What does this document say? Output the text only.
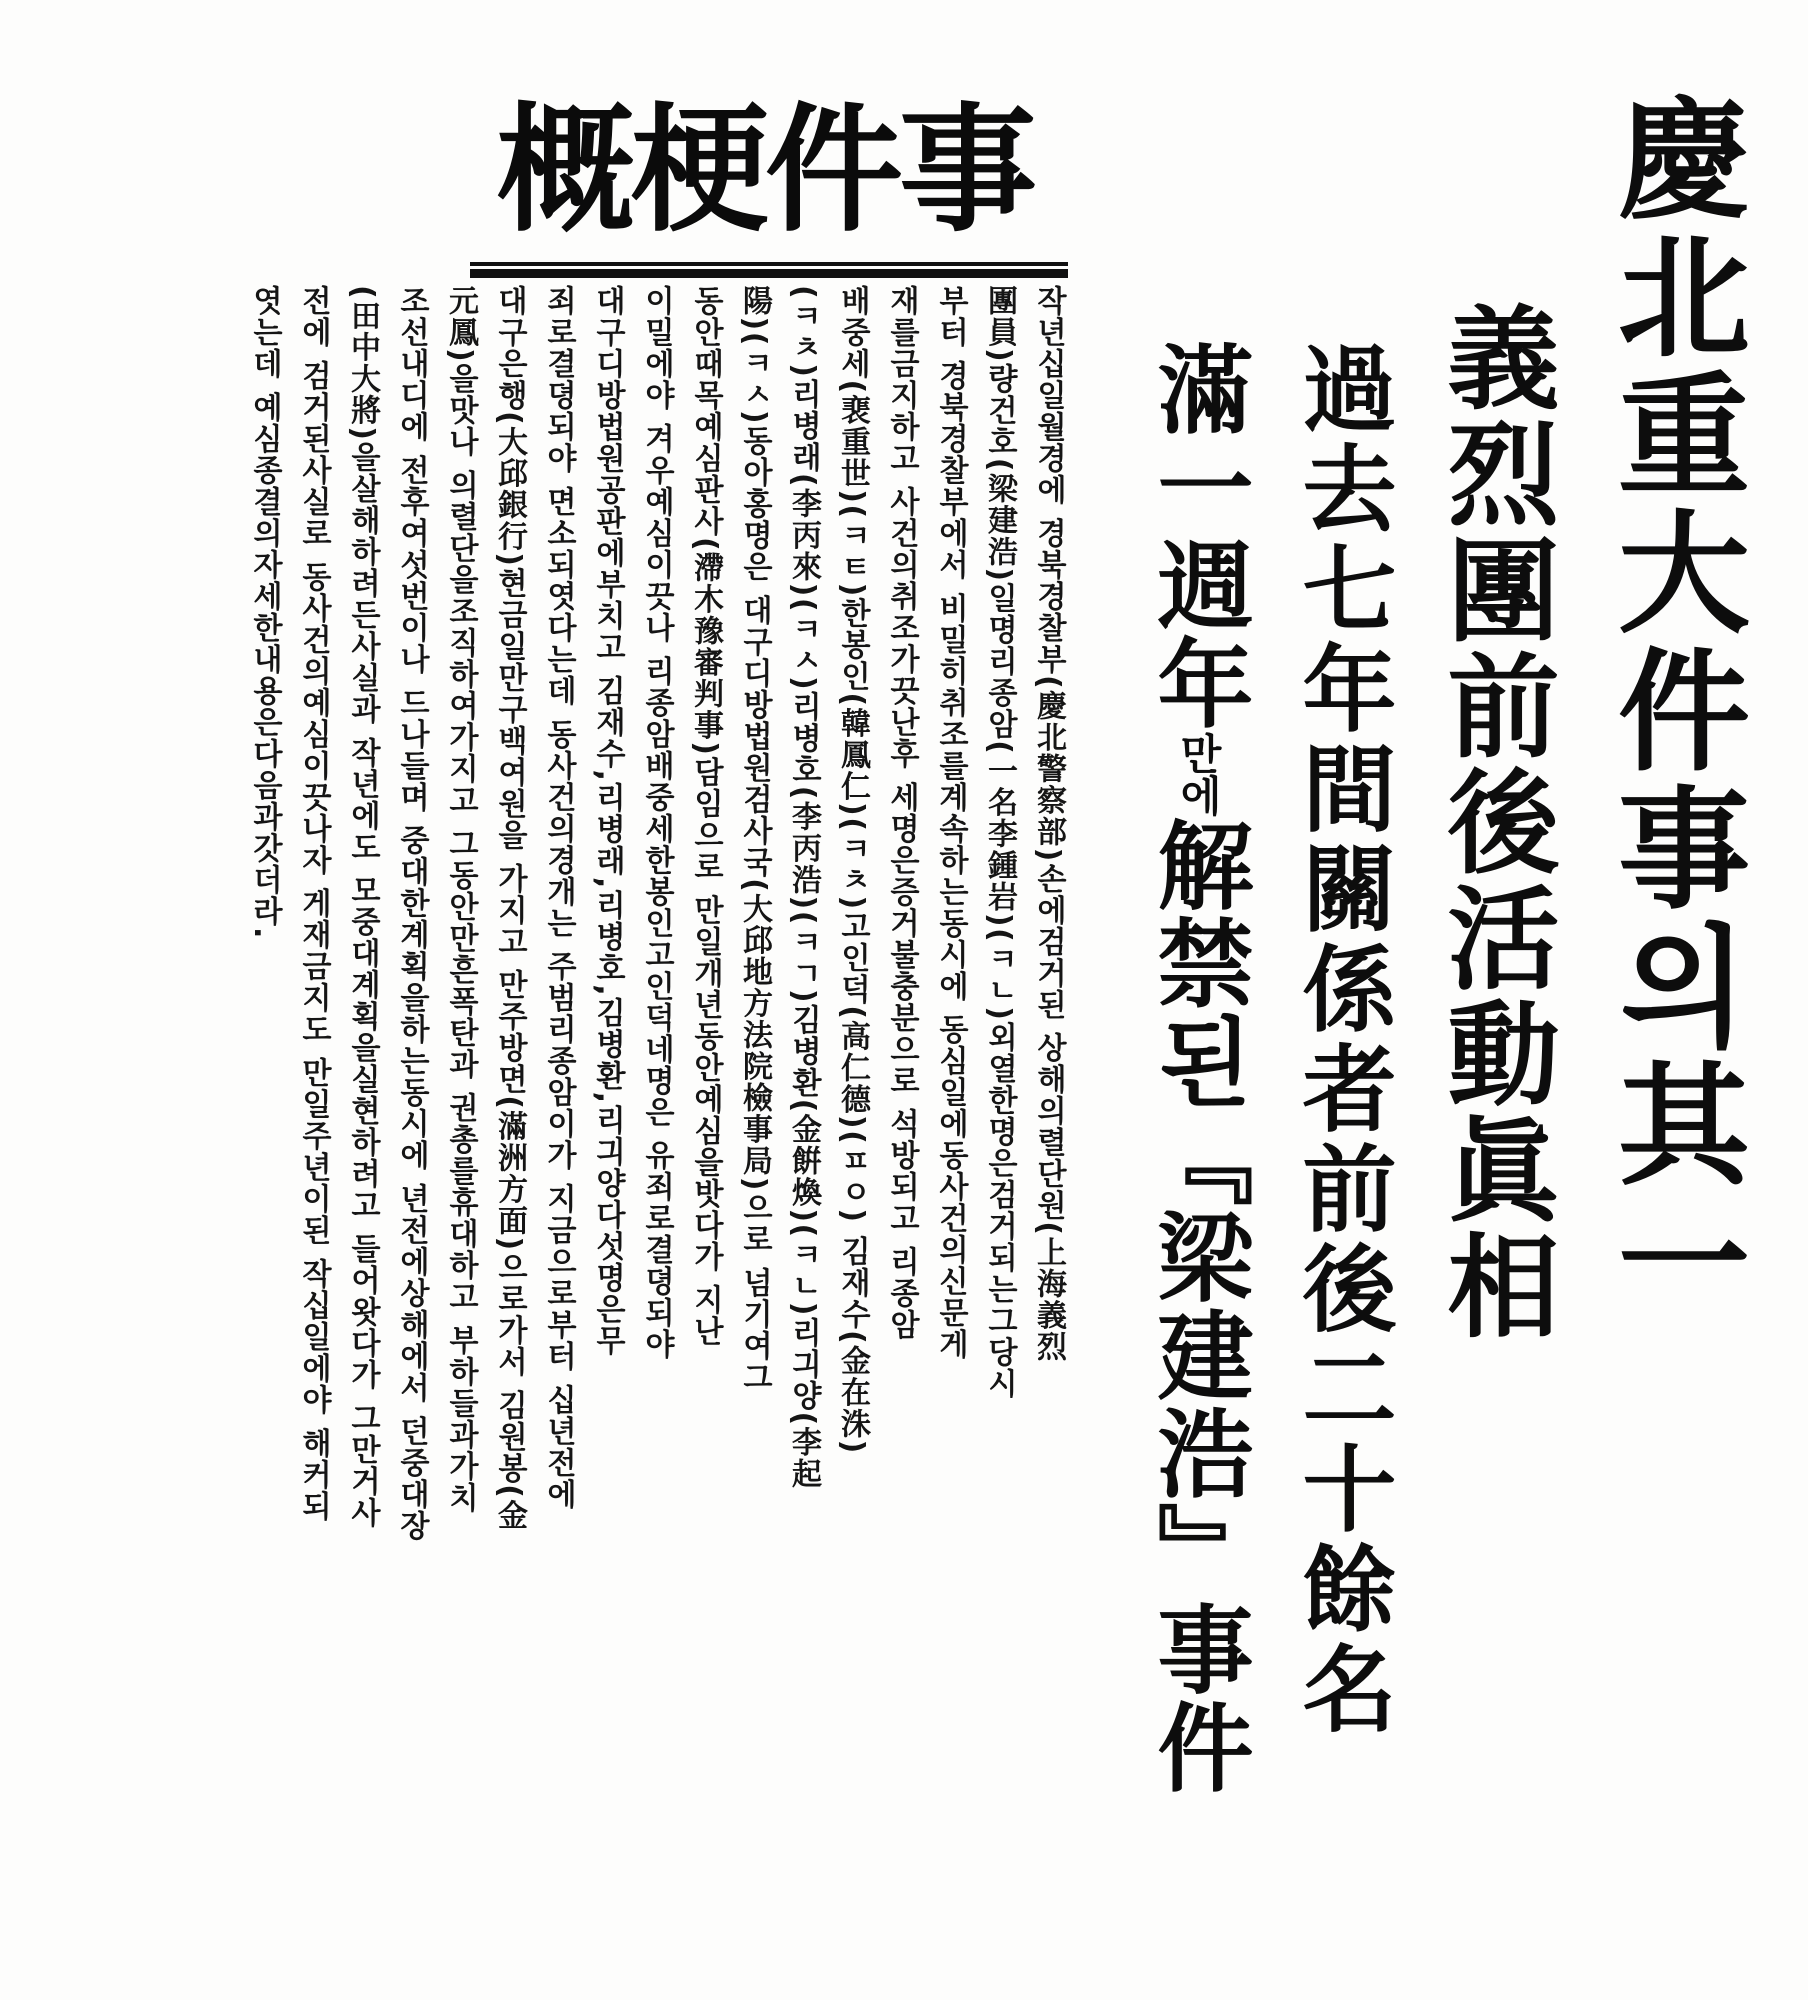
慶北重大件事의其一
義烈團前後活動眞相
過去七年間關係者前後二十餘名
滿一週年만에解禁된『梁建浩』事件
事件梗概
작년십일월경에 경북경찰부(慶北警察部)손에검거된 상해의렬단원(上海義烈
團員)량건호(梁建浩)일명리종암(一名李鍾岩)(ㅋㄴ)외열한명은검거되는그당시
부터 경북경찰부에서 비밀히취조를계속하는동시에 동심일에동사건의신문게
재를금지하고 사건의취조가끗난후 세명은증거불충분으로 석방되고 리종암
배중세(裵重世)(ㅋㅌ)한봉인(韓鳳仁)(ㅋㅊ)고인덕(高仁德)(ㅍㅇ) 김재수(金在洙)
(ㅋㅊ)리병래(李丙來)(ㅋㅅ)리병호(李丙浩)(ㅋㄱ)김병환(金餠煥)(ㅋㄴ)리긔양(李起
陽)(ㅋㅅ)동아홍명은 대구디방법원검사국(大邱地方法院檢事局)으로 넘기여그
동안때목예심판사(滯木豫審判事)담임으로 만일개년동안예심을밧다가 지난
이밀에야 겨우예심이끗나 리종암배중세한봉인고인덕네명은 유죄로결뎡되야
대구디방법원공판에부치고 김재수,리병래,리병호,김병환,리긔양다섯명은무
죄로결뎡되야 면소되엿다는데 동사건의경개는 주범리종암이가 지금으로부터 십년전에
대구은행(大邱銀行)현금일만구백여원을 가지고 만주방면(滿洲方面)으로가서 김원봉(金
元鳳)을맛나 의렬단을조직하여가지고 그동안만흔폭탄과 권총를휴대하고 부하들과가치
조선내디에 전후여섯번이나 드나들며 중대한계획을하는동시에 년전에상해에서 던중대장
(田中大將)을살해하려든사실과 작년에도 모중대계획을실현하려고 들어왓다가 그만거사
전에 검거된사실로 동사건의예심이끗나자 게재금지도 만일주년이된 작십일에야 해커되
엿는데 예심종결의자세한내용은다음과갓더라.
